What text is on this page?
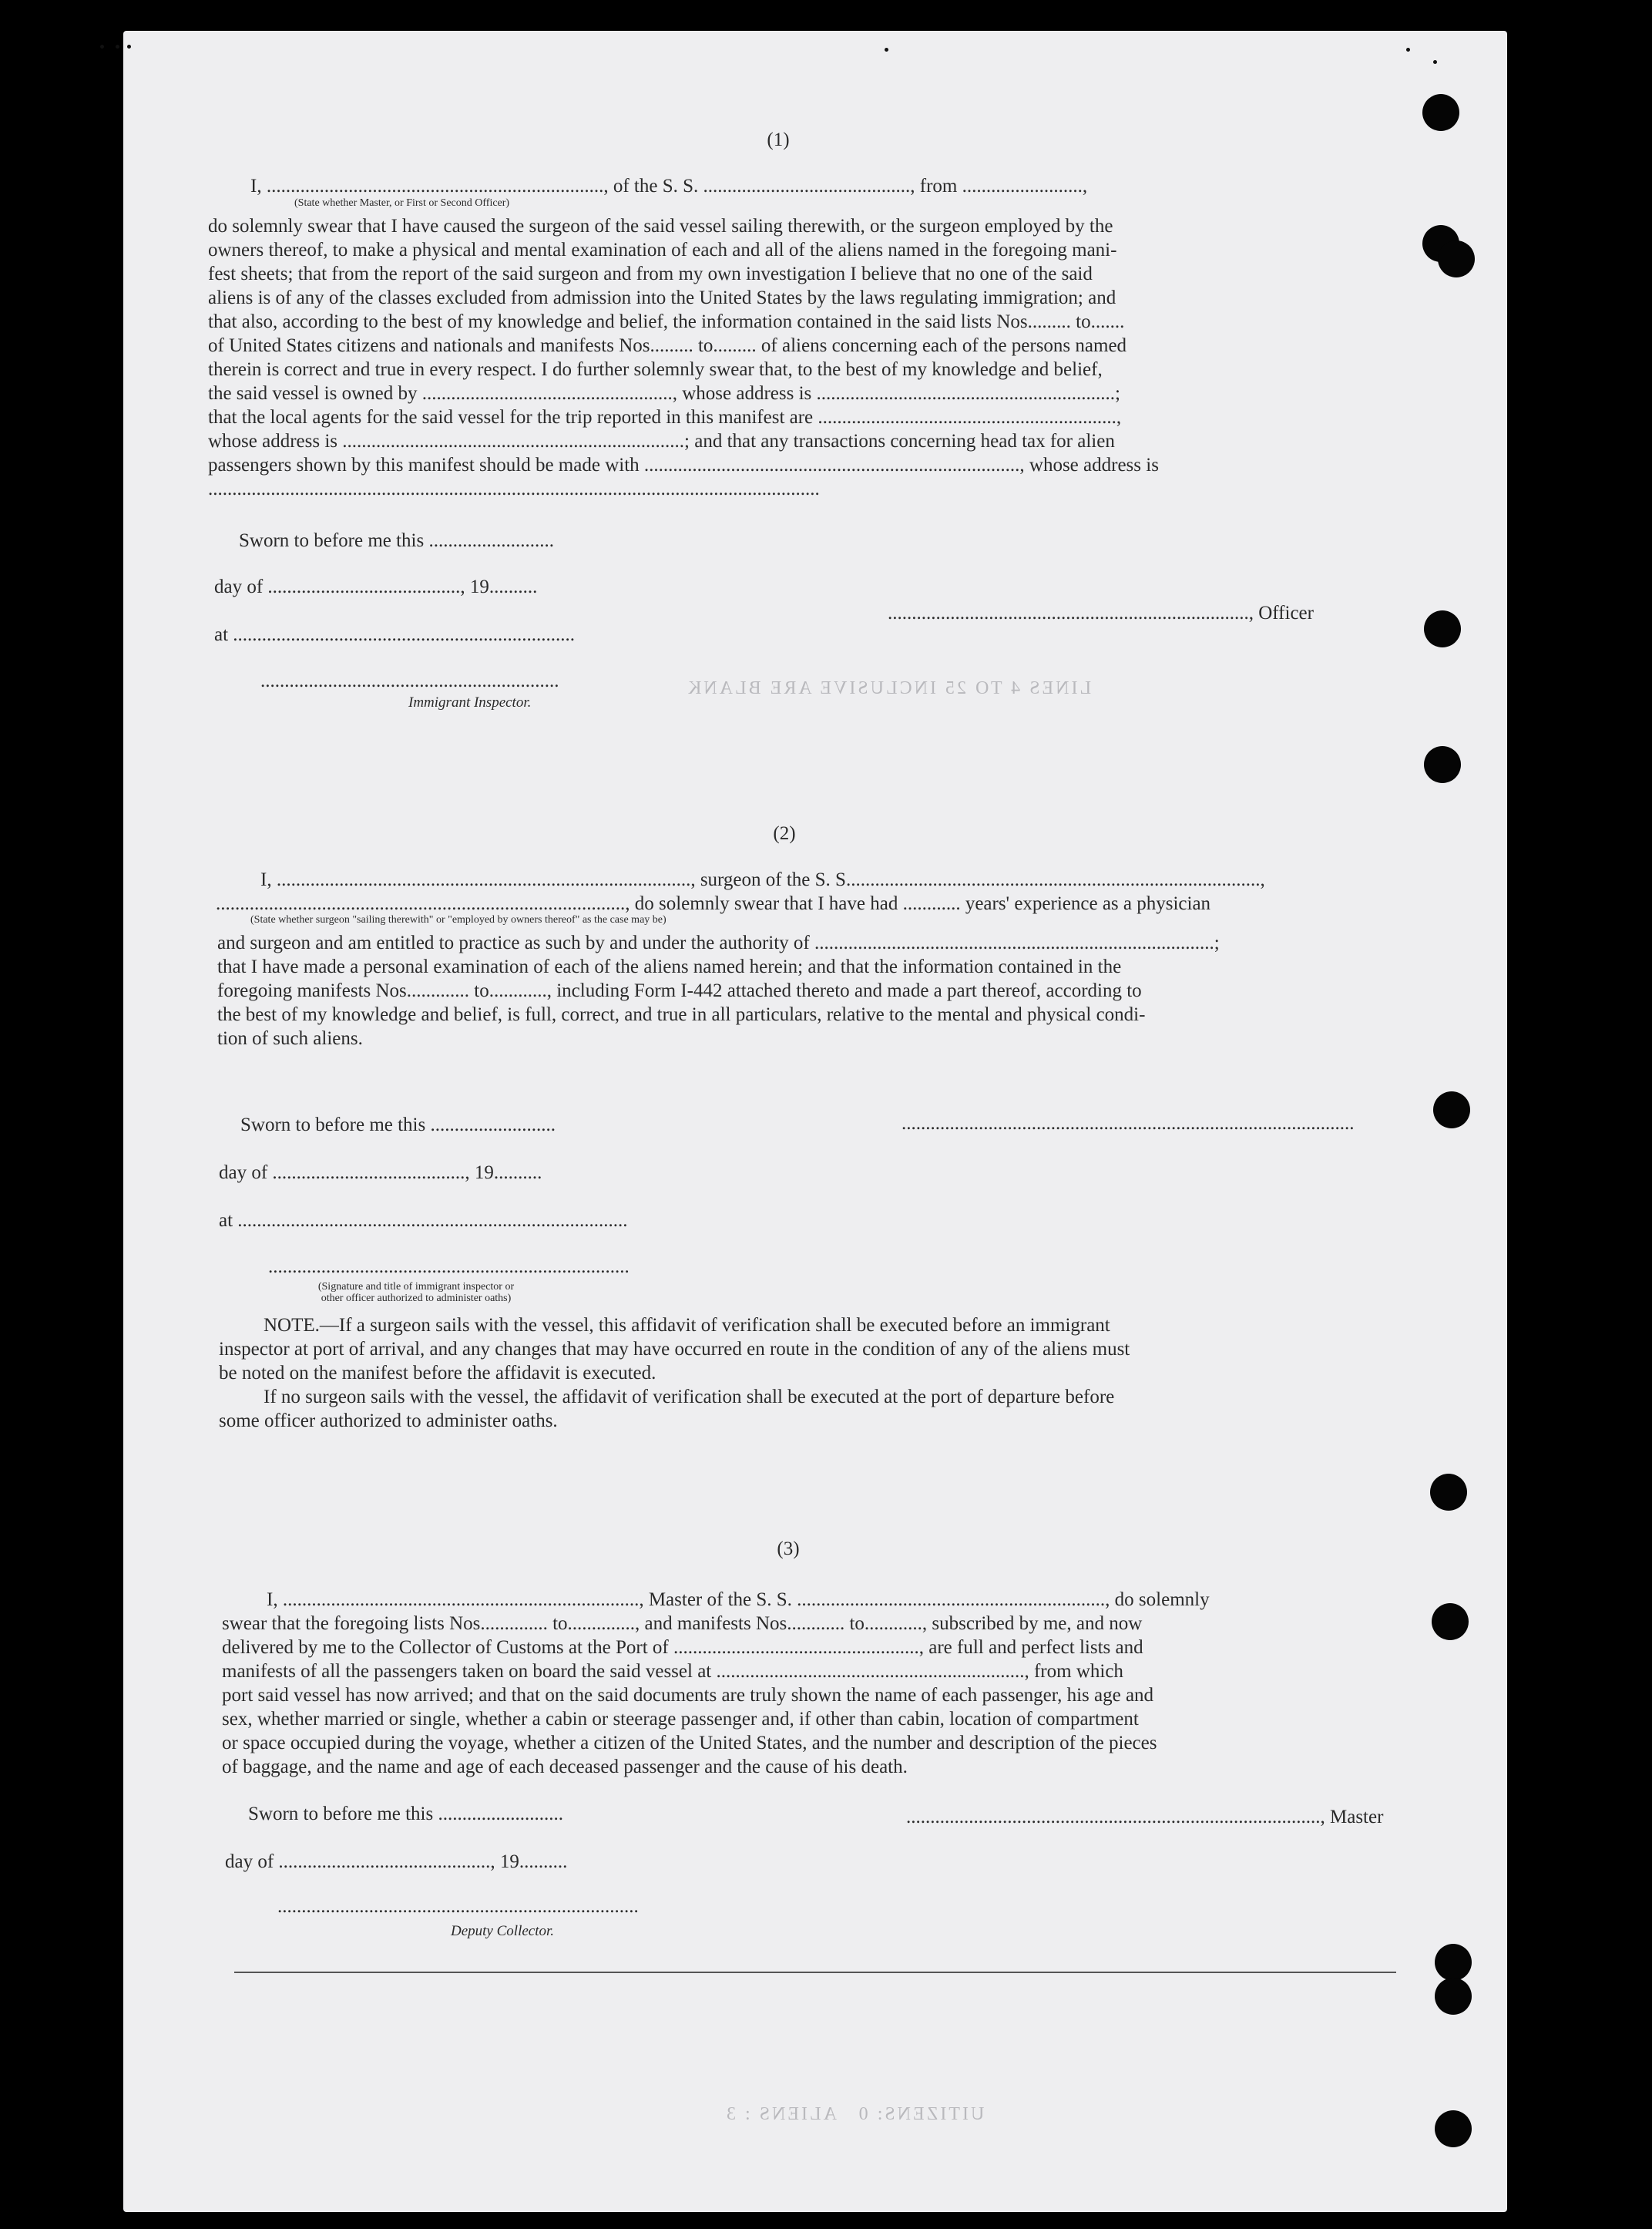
LINES 4 TO 25 INCLUSIVE ARE BLANK
UITIZENS: 0   ALIENS : 3
(1)
I, ......................................................................, of the S. S. ..........................................., from .........................,
(State whether Master, or First or Second Officer)
do solemnly swear that I have caused the surgeon of the said vessel sailing therewith, or the surgeon employed by the
owners thereof, to make a physical and mental examination of each and all of the aliens named in the foregoing mani-
fest sheets; that from the report of the said surgeon and from my own investigation I believe that no one of the said
aliens is of any of the classes excluded from admission into the United States by the laws regulating immigration; and
that also, according to the best of my knowledge and belief, the information contained in the said lists Nos......... to.......
of United States citizens and nationals and manifests Nos......... to......... of aliens concerning each of the persons named
therein is correct and true in every respect. I do further solemnly swear that, to the best of my knowledge and belief,
the said vessel is owned by ...................................................., whose address is ..............................................................;
that the local agents for the said vessel for the trip reported in this manifest are ..............................................................,
whose address is .......................................................................; and that any transactions concerning head tax for alien
passengers shown by this manifest should be made with .............................................................................., whose address is
...............................................................................................................................
Sworn to before me this ..........................
day of ........................................, 19..........
at .......................................................................
..............................................................
Immigrant Inspector.
..........................................................................., Officer
(2)
I, ......................................................................................, surgeon of the S. S......................................................................................,
....................................................................................., do solemnly swear that I have had ............ years' experience as a physician
(State whether surgeon "sailing therewith" or "employed by owners thereof" as the case may be)
and surgeon and am entitled to practice as such by and under the authority of ...................................................................................;
that I have made a personal examination of each of the aliens named herein; and that the information contained in the
foregoing manifests Nos............. to............, including Form I-442 attached thereto and made a part thereof, according to
the best of my knowledge and belief, is full, correct, and true in all particulars, relative to the mental and physical condi-
tion of such aliens.
Sworn to before me this ..........................
day of ........................................, 19..........
at .................................................................................
...........................................................................
(Signature and title of immigrant inspector or
other officer authorized to administer oaths)
..............................................................................................
NOTE.—If a surgeon sails with the vessel, this affidavit of verification shall be executed before an immigrant
inspector at port of arrival, and any changes that may have occurred en route in the condition of any of the aliens must
be noted on the manifest before the affidavit is executed.
If no surgeon sails with the vessel, the affidavit of verification shall be executed at the port of departure before
some officer authorized to administer oaths.
(3)
I, .........................................................................., Master of the S. S. ................................................................, do solemnly
swear that the foregoing lists Nos.............. to.............., and manifests Nos............ to............, subscribed by me, and now
delivered by me to the Collector of Customs at the Port of ..................................................., are full and perfect lists and
manifests of all the passengers taken on board the said vessel at ................................................................, from which
port said vessel has now arrived; and that on the said documents are truly shown the name of each passenger, his age and
sex, whether married or single, whether a cabin or steerage passenger and, if other than cabin, location of compartment
or space occupied during the voyage, whether a citizen of the United States, and the number and description of the pieces
of baggage, and the name and age of each deceased passenger and the cause of his death.
Sworn to before me this ..........................
day of ............................................, 19..........
...........................................................................
Deputy Collector.
......................................................................................, Master
